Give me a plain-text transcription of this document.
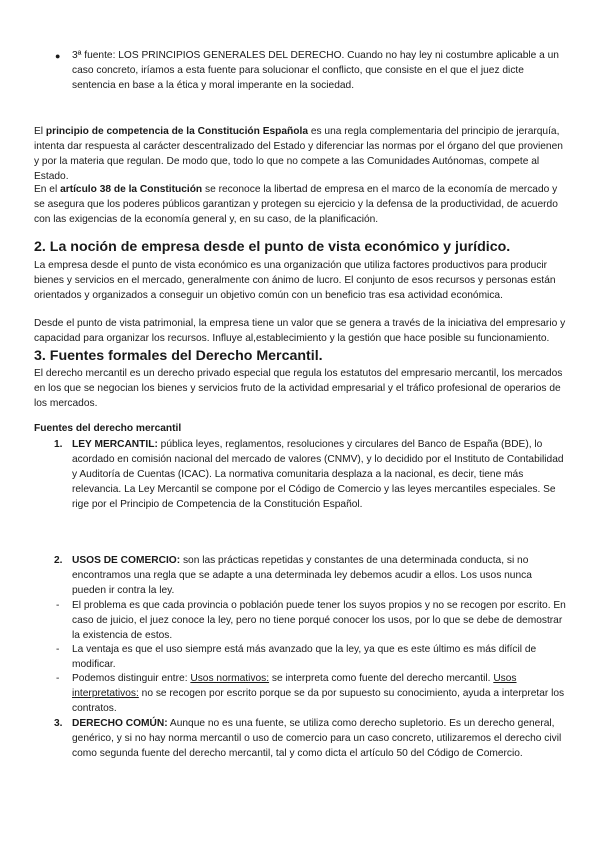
● 3ª fuente: LOS PRINCIPIOS GENERALES DEL DERECHO. Cuando no hay ley ni costumbre aplicable a un caso concreto, iríamos a esta fuente para solucionar el conflicto, que consiste en el que el juez dicte sentencia en base a la ética y moral imperante en la sociedad.

El principio de competencia de la Constitución Española es una regla complementaria del principio de jerarquía, intenta dar respuesta al carácter descentralizado del Estado y diferenciar las normas por el órgano del que provienen y por la materia que regulan. De modo que, todo lo que no compete a las Comunidades Autónomas, compete al Estado.

En el artículo 38 de la Constitución se reconoce la libertad de empresa en el marco de la economía de mercado y se asegura que los poderes públicos garantizan y protegen su ejercicio y la defensa de la productividad, de acuerdo con las exigencias de la economía general y, en su caso, de la planificación.

2. La noción de empresa desde el punto de vista económico y jurídico.

La empresa desde el punto de vista económico es una organización que utiliza factores productivos para producir bienes y servicios en el mercado, generalmente con ánimo de lucro. El conjunto de esos recursos y personas están orientados y organizados a conseguir un objetivo común con un beneficio tras esa actividad económica.

Desde el punto de vista patrimonial, la empresa tiene un valor que se genera a través de la iniciativa del empresario y capacidad para organizar los recursos. Influye al,establecimiento y la gestión que hace posible su funcionamiento.

3. Fuentes formales del Derecho Mercantil.

El derecho mercantil es un derecho privado especial que regula los estatutos del empresario mercantil, los mercados en los que se negocian los bienes y servicios fruto de la actividad empresarial y el tráfico profesional de operarios de los mercados.

Fuentes del derecho mercantil

1. LEY MERCANTIL: pública leyes, reglamentos, resoluciones y circulares del Banco de España (BDE), lo acordado en comisión nacional del mercado de valores (CNMV), y lo decidido por el Instituto de Contabilidad y Auditoría de Cuentas (ICAC). La normativa comunitaria desplaza a la nacional, es decir, tiene más relevancia. La Ley Mercantil se compone por el Código de Comercio y las leyes mercantiles especiales. Se rige por el Principio de Competencia de la Constitución Español.
2. USOS DE COMERCIO: son las prácticas repetidas y constantes de una determinada conducta, si no encontramos una regla que se adapte a una determinada ley debemos acudir a ellos. Los usos nunca pueden ir contra la ley.
- El problema es que cada provincia o población puede tener los suyos propios y no se recogen por escrito. En caso de juicio, el juez conoce la ley, pero no tiene porqué conocer los usos, por lo que se debe de demostrar la existencia de estos.
- La ventaja es que el uso siempre está más avanzado que la ley, ya que es este último es más difícil de modificar.
- Podemos distinguir entre: Usos normativos: se interpreta como fuente del derecho mercantil. Usos interpretativos: no se recogen por escrito porque se da por supuesto su conocimiento, ayuda a interpretar los contratos.
3. DERECHO COMÚN: Aunque no es una fuente, se utiliza como derecho supletorio. Es un derecho general, genérico, y si no hay norma mercantil o uso de comercio para un caso concreto, utilizaremos el derecho civil como segunda fuente del derecho mercantil, tal y como dicta el artículo 50 del Código de Comercio.
